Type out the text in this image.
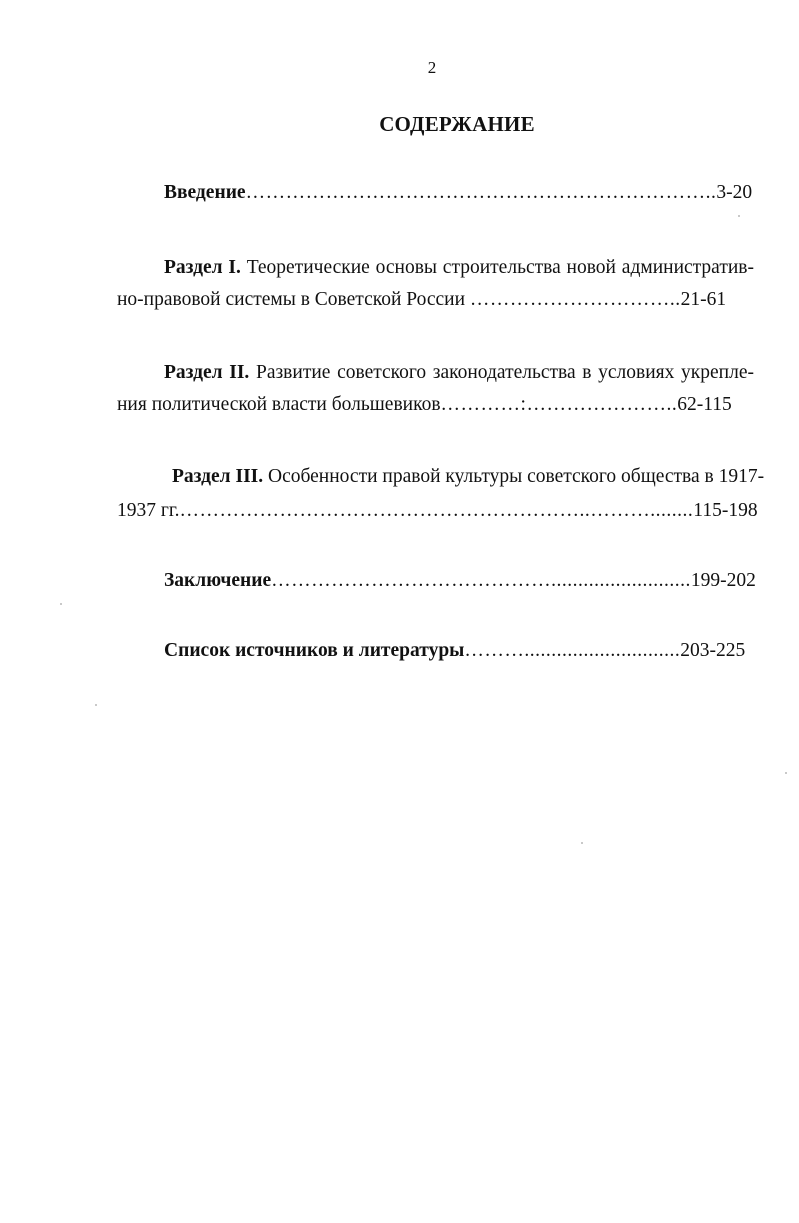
2
СОДЕРЖАНИЕ
Введение……………………………………………………………..3-20
Раздел I. Теоретические основы строительства новой административ-
но-правовой системы в Советской России …………………………..21-61
Раздел II. Развитие советского законодательства в условиях укрепле-
ния политической власти большевиков…………:…………………..62-115
Раздел III. Особенности правой культуры советского общества в 1917-
1937 гг.……………………………………………………..………........115-198
Заключение……………………………………..........................199-202
Список источников и литературы……….............................203-225
